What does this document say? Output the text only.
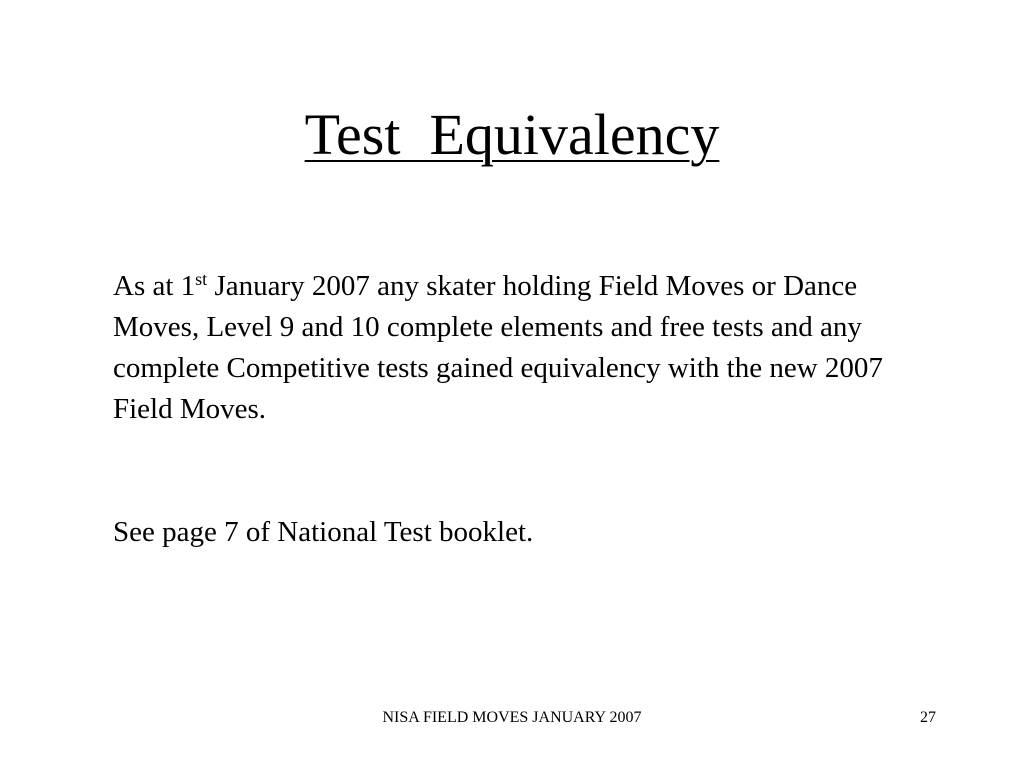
Test  Equivalency

As at 1st January 2007 any skater holding Field Moves or Dance Moves, Level 9 and 10 complete elements and free tests and any complete Competitive tests gained equivalency with the new 2007 Field Moves.

See page 7 of National Test booklet.
NISA FIELD MOVES JANUARY 2007	27
